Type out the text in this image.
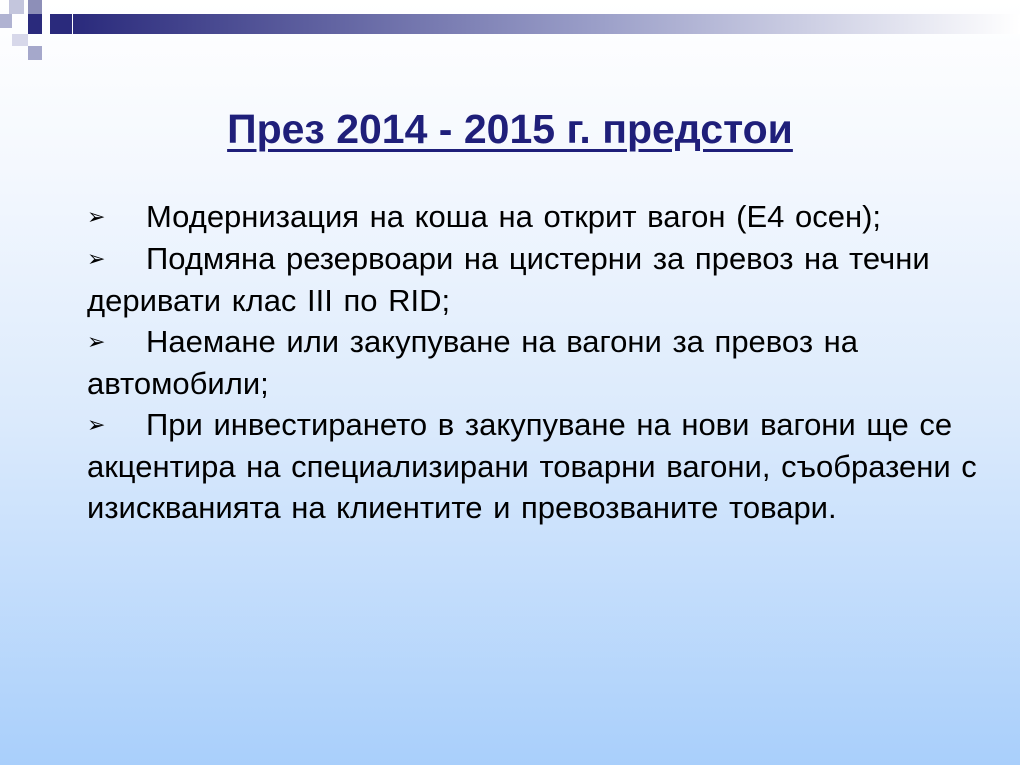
През 2014 - 2015 г. предстои
➢ Модернизация на коша на открит вагон (Е4 осен);
➢ Подмяна резервоари на цистерни за превоз на течни деривати клас III по RID;
➢ Наемане или закупуване на вагони за превоз на автомобили;
➢ При инвестирането в закупуване на нови вагони ще се акцентира на специализирани товарни вагони, съобразени с изискванията на клиентите и превозваните товари.
